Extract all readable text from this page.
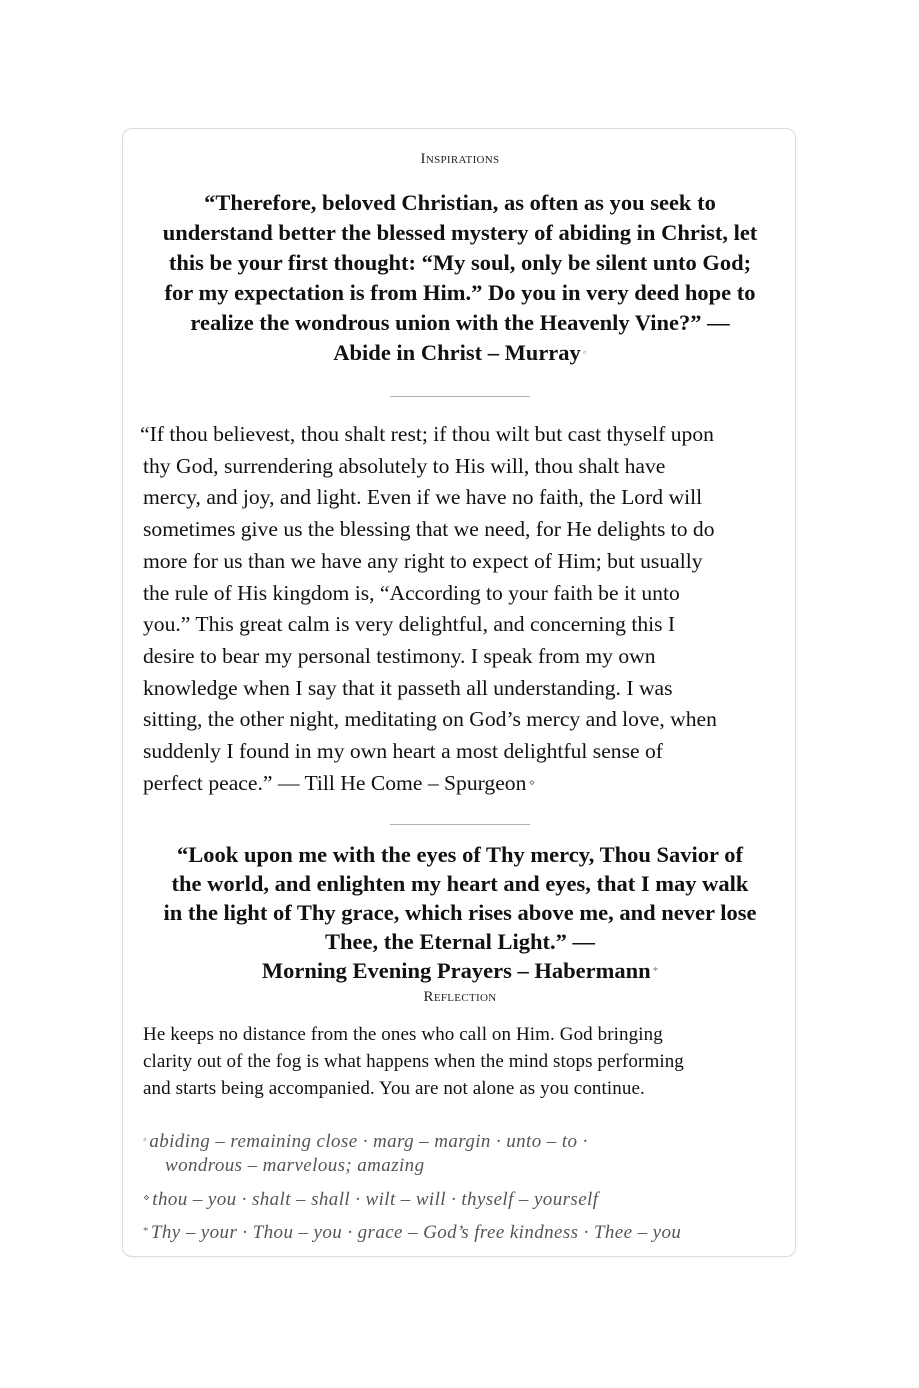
Inspirations
“Therefore, beloved Christian, as often as you seek to
understand better the blessed mystery of abiding in Christ, let
this be your first thought: “My soul, only be silent unto God;
for my expectation is from Him.” Do you in very deed hope to
realize the wondrous union with the Heavenly Vine?” —
Abide in Christ – Murray ◦
“If thou believest, thou shalt rest; if thou wilt but cast thyself upon
thy God, surrendering absolutely to His will, thou shalt have
mercy, and joy, and light. Even if we have no faith, the Lord will
sometimes give us the blessing that we need, for He delights to do
more for us than we have any right to expect of Him; but usually
the rule of His kingdom is, “According to your faith be it unto
you.” This great calm is very delightful, and concerning this I
desire to bear my personal testimony. I speak from my own
knowledge when I say that it passeth all understanding. I was
sitting, the other night, meditating on God’s mercy and love, when
suddenly I found in my own heart a most delightful sense of
perfect peace.” — Till He Come – Spurgeon ⋄
“Look upon me with the eyes of Thy mercy, Thou Savior of
the world, and enlighten my heart and eyes, that I may walk
in the light of Thy grace, which rises above me, and never lose
Thee, the Eternal Light.” —
Morning Evening Prayers – Habermann *
Reflection
He keeps no distance from the ones who call on Him. God bringing
clarity out of the fog is what happens when the mind stops performing
and starts being accompanied. You are not alone as you continue.
◦ abiding – remaining close · marg – margin · unto – to ·
wondrous – marvelous; amazing
⋄ thou – you · shalt – shall · wilt – will · thyself – yourself
* Thy – your · Thou – you · grace – God’s free kindness · Thee – you
